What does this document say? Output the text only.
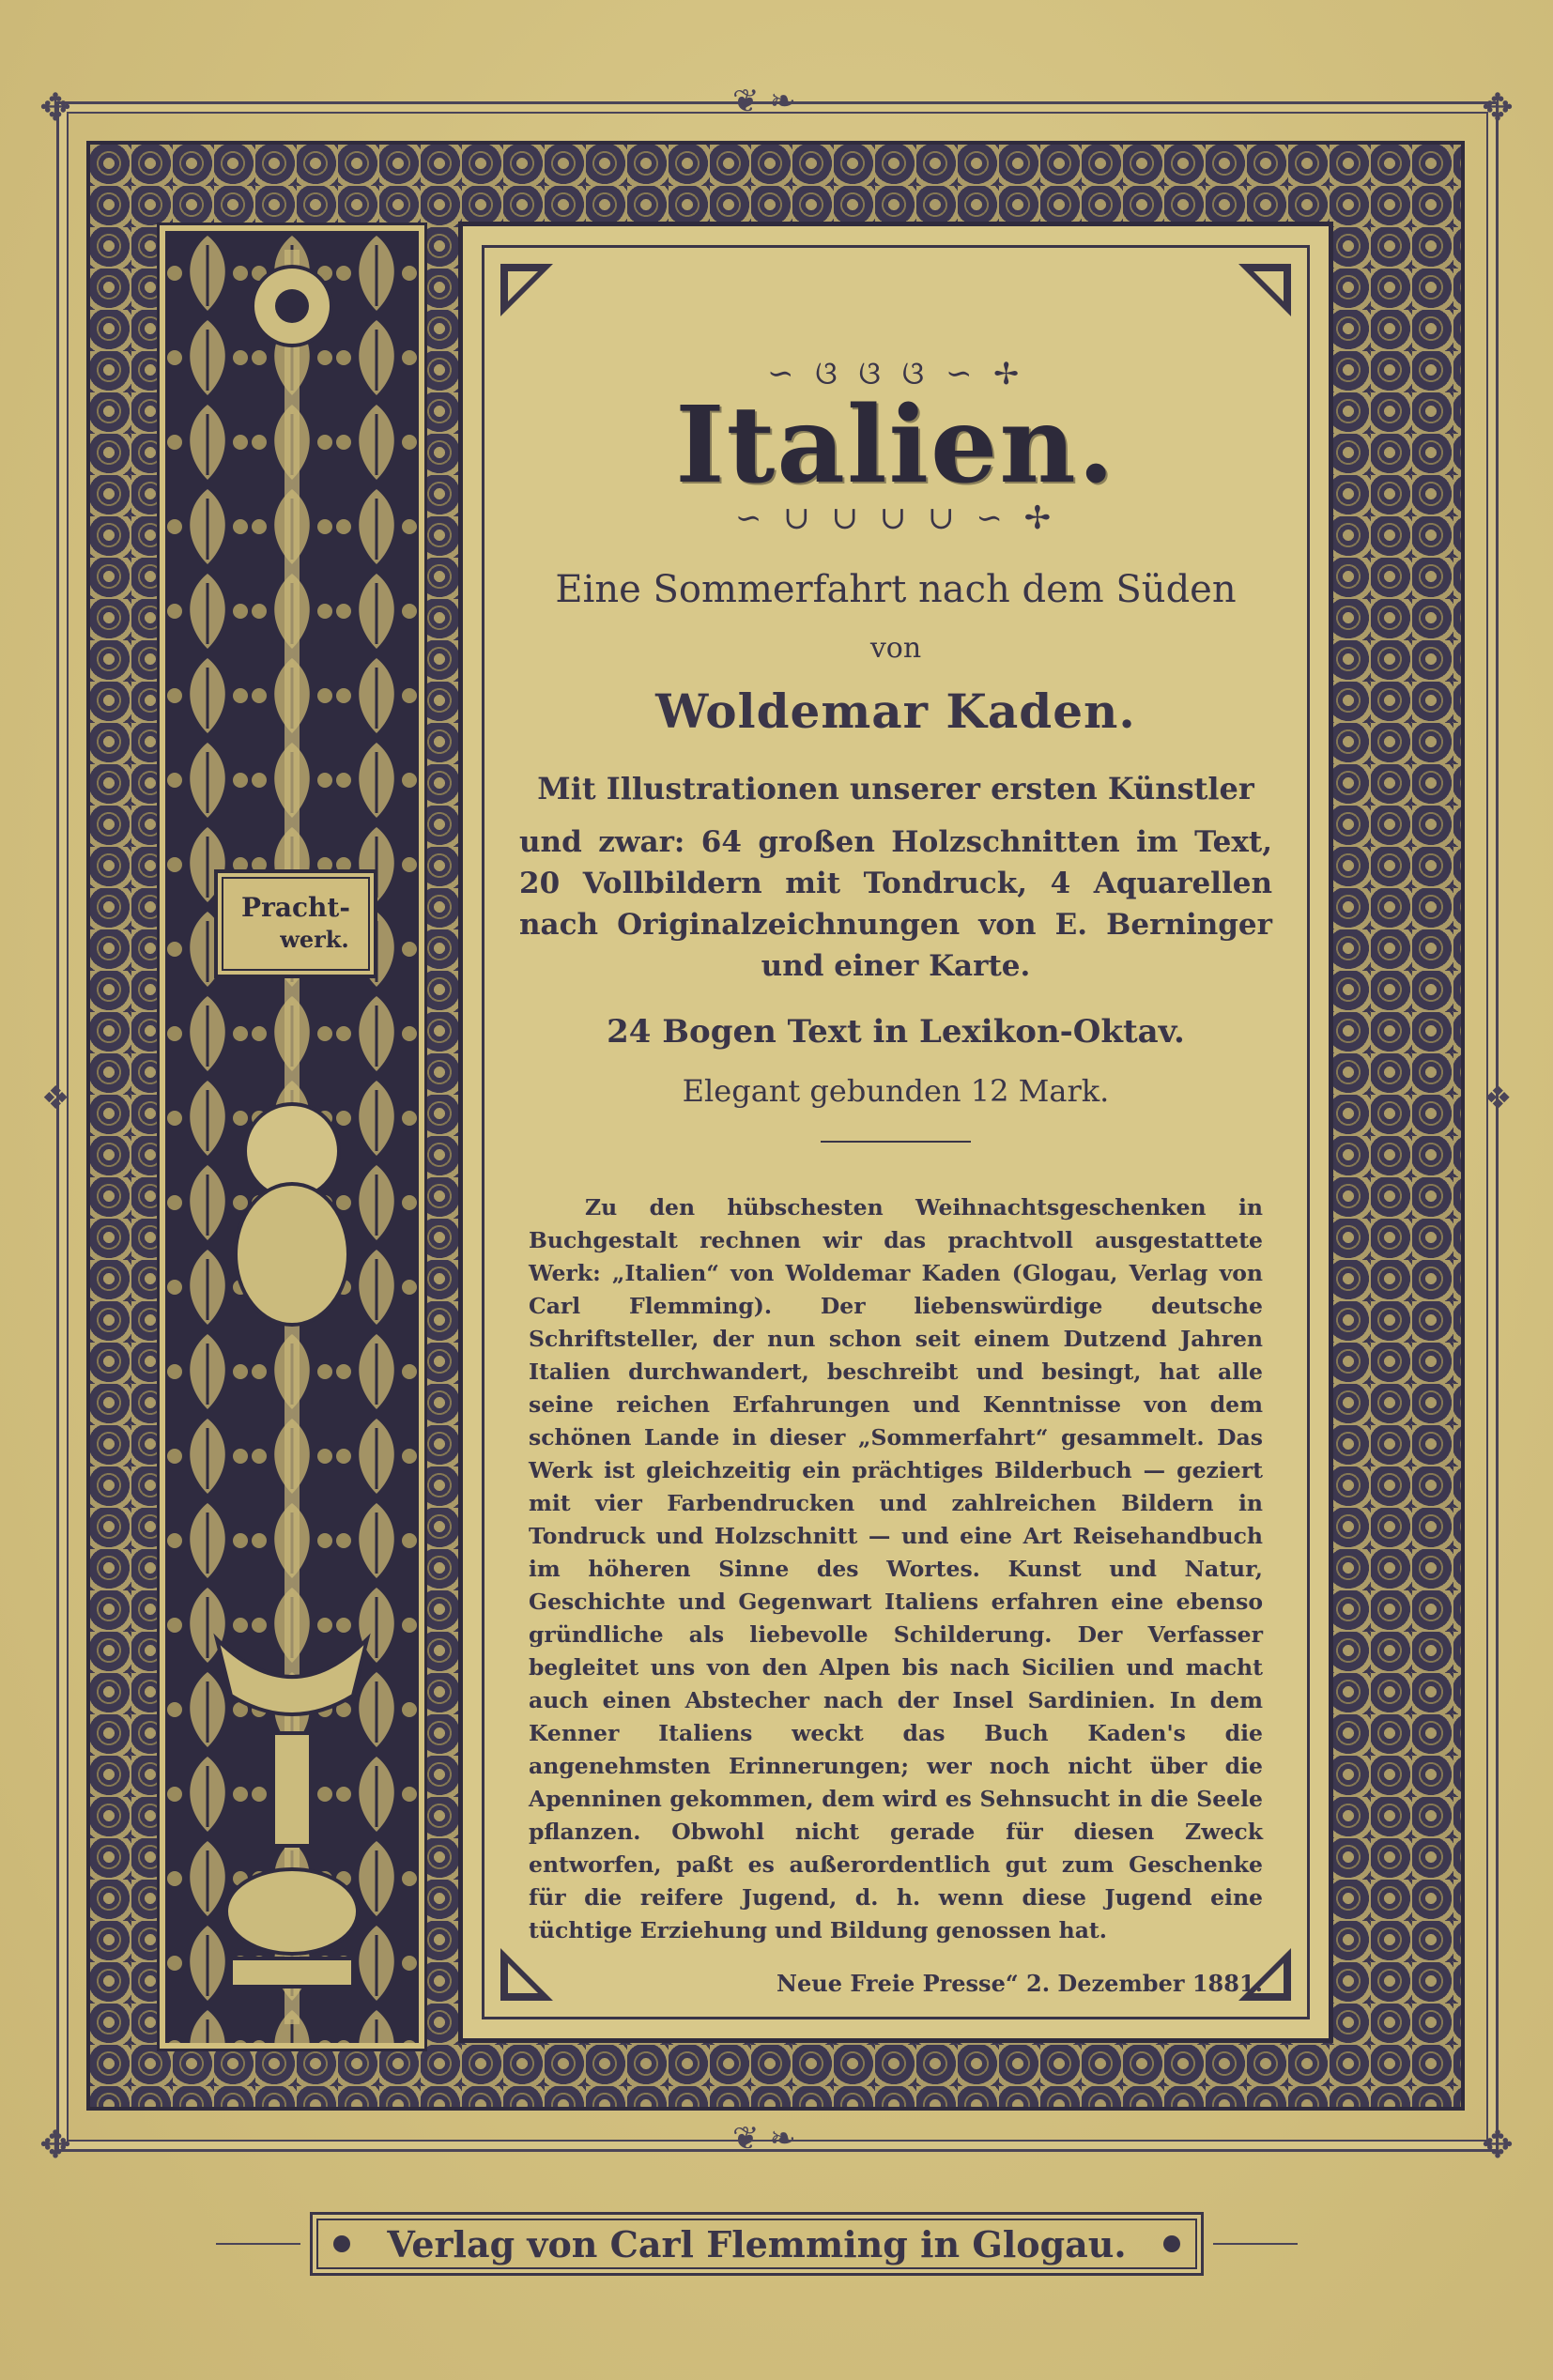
✥	✥
✥	✥
❦ ❧
❦ ❧
❖	❖
Pracht-
werk.
∽ ଓ ଓ ଓ ∽ ✢
Italien.
∽ ∪ ∪ ∪ ∪ ∽ ✢
Eine Sommerfahrt nach dem Süden
von
Woldemar Kaden.
Mit Illustrationen unserer ersten Künstler
und zwar: 64 großen Holzschnitten im Text, 20 Vollbildern mit Tondruck, 4 Aquarellen nach Originalzeichnungen von E. Berninger und einer Karte.
24 Bogen Text in Lexikon-Oktav.
Elegant gebunden 12 Mark.

Zu den hübschesten Weihnachtsgeschenken in Buchgestalt rechnen wir das prachtvoll ausgestattete Werk: „Italien“ von Woldemar Kaden (Glogau, Verlag von Carl Flemming). Der liebenswürdige deutsche Schriftsteller, der nun schon seit einem Dutzend Jahren Italien durchwandert, beschreibt und besingt, hat alle seine reichen Erfahrungen und Kenntnisse von dem schönen Lande in dieser „Sommerfahrt“ gesammelt. Das Werk ist gleichzeitig ein prächtiges Bilderbuch — geziert mit vier Farbendrucken und zahlreichen Bildern in Tondruck und Holzschnitt — und eine Art Reisehandbuch im höheren Sinne des Wortes. Kunst und Natur, Geschichte und Gegenwart Italiens erfahren eine ebenso gründliche als liebevolle Schilderung. Der Verfasser begleitet uns von den Alpen bis nach Sicilien und macht auch einen Abstecher nach der Insel Sardinien. In dem Kenner Italiens weckt das Buch Kaden's die angenehmsten Erinnerungen; wer noch nicht über die Apenninen gekommen, dem wird es Sehnsucht in die Seele pflanzen. Obwohl nicht gerade für diesen Zweck entworfen, paßt es außerordentlich gut zum Geschenke für die reifere Jugend, d. h. wenn diese Jugend eine tüchtige Erziehung und Bildung genossen hat.

Neue Freie Presse“ 2. Dezember 1881.
Verlag von Carl Flemming in Glogau.
